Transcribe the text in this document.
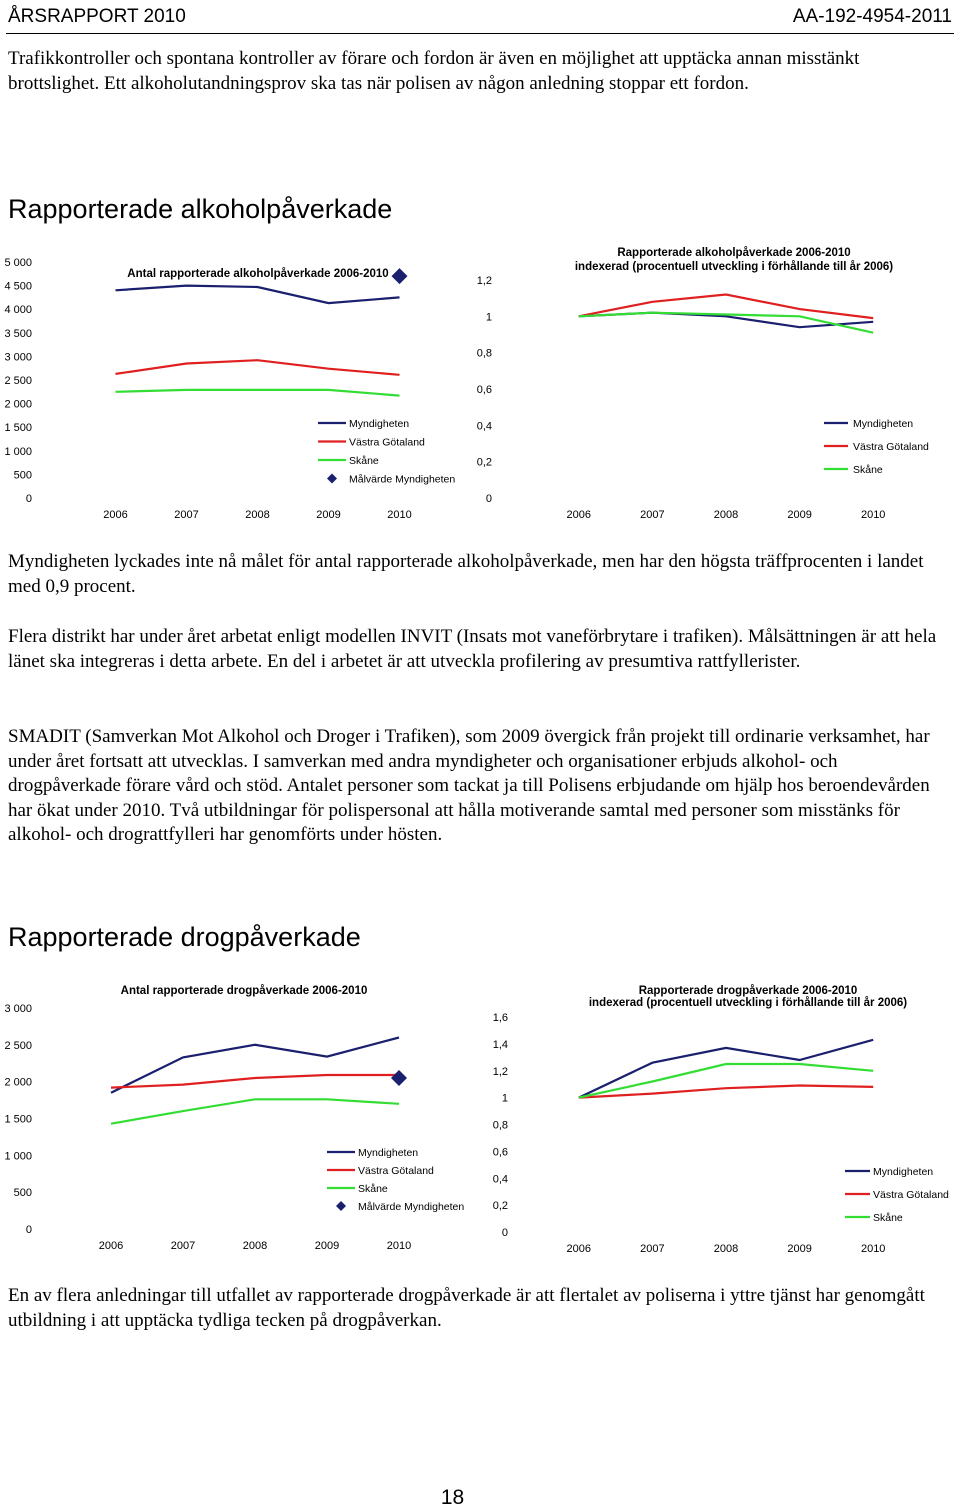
ÅRSRAPPORT 2010	AA-192-4954-2011

Trafikkontroller och spontana kontroller av förare och fordon är även en möjlighet att upptäcka annan misstänkt brottslighet. Ett alkoholutandningsprov ska tas när polisen av någon anledning stoppar ett fordon.

Rapporterade alkoholpåverkade
Antal rapporterade alkoholpåverkade 2006-2010
0
500
1 000
1 500
2 000
2 500
3 000
3 500
4 000
4 500
5 000
2006	2007	2008	2009	2010
Myndigheten
Västra Götaland
Skåne
Målvärde Myndigheten
Rapporterade alkoholpåverkade 2006-2010
indexerad (procentuell utveckling i förhållande till år 2006)
0
0,2
0,4
0,6
0,8
1
1,2
2006	2007	2008	2009	2010
Myndigheten
Västra Götaland
Skåne

Myndigheten lyckades inte nå målet för antal rapporterade alkoholpåverkade, men har den högsta träffprocenten i landet med 0,9 procent.

Flera distrikt har under året arbetat enligt modellen INVIT (Insats mot vaneförbrytare i trafiken). Målsättningen är att hela länet ska integreras i detta arbete. En del i arbetet är att utveckla profilering av presumtiva rattfyllerister.

SMADIT (Samverkan Mot Alkohol och Droger i Trafiken), som 2009 övergick från projekt till ordinarie verksamhet, har under året fortsatt att utvecklas. I samverkan med andra myndigheter och organisationer erbjuds alkohol- och drogpåverkade förare vård och stöd. Antalet personer som tackat ja till Polisens erbjudande om hjälp hos beroendevården har ökat under 2010. Två utbildningar för polispersonal att hålla motiverande samtal med personer som misstänks för alkohol- och drograttfylleri har genomförts under hösten.

Rapporterade drogpåverkade
Antal rapporterade drogpåverkade 2006-2010
0
500
1 000
1 500
2 000
2 500
3 000
2006	2007	2008	2009	2010
Myndigheten
Västra Götaland
Skåne
Målvärde Myndigheten
Rapporterade drogpåverkade 2006-2010
indexerad (procentuell utveckling i förhållande till år 2006)
0
0,2
0,4
0,6
0,8
1
1,2
1,4
1,6
2006	2007	2008	2009	2010
Myndigheten
Västra Götaland
Skåne

En av flera anledningar till utfallet av rapporterade drogpåverkade är att flertalet av poliserna i yttre tjänst har genomgått utbildning i att upptäcka tydliga tecken på drogpåverkan.

18
